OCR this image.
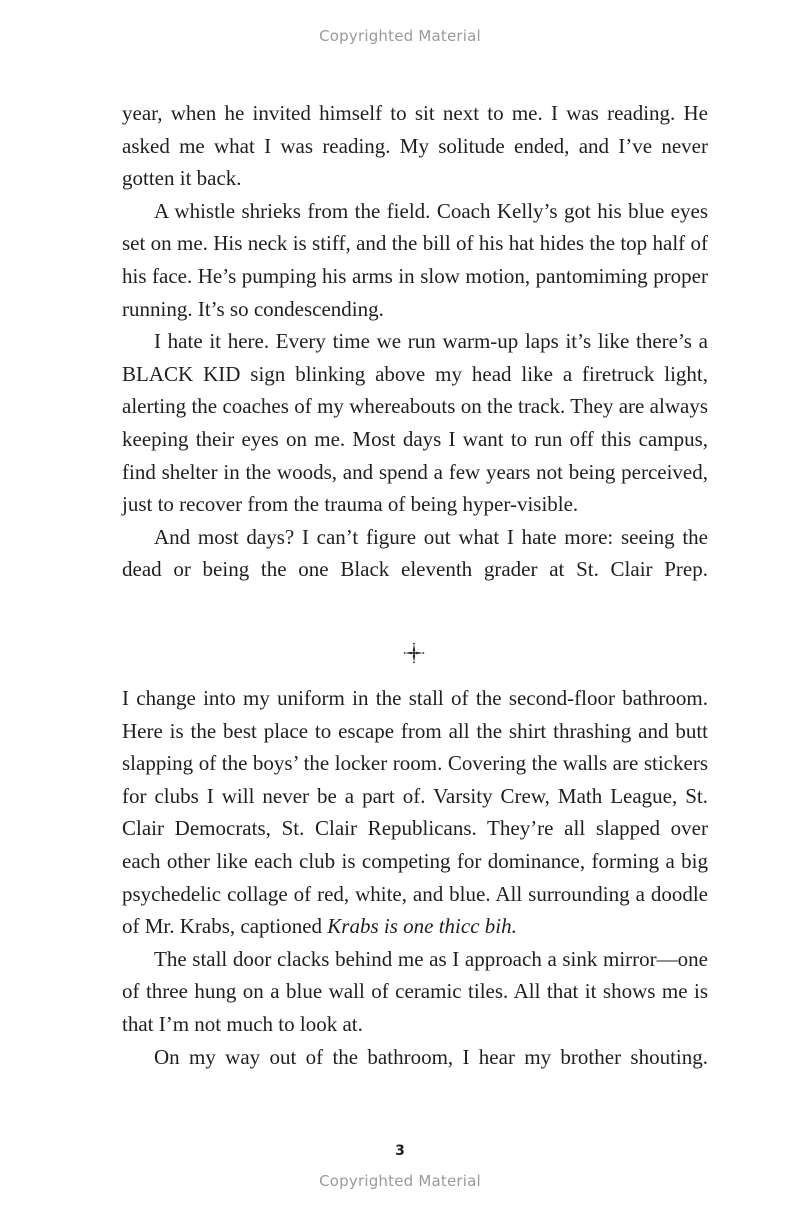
Copyrighted Material

year, when he invited himself to sit next to me. I was reading. He asked me what I was reading. My solitude ended, and I’ve never gotten it back.

A whistle shrieks from the field. Coach Kelly’s got his blue eyes set on me. His neck is stiff, and the bill of his hat hides the top half of his face. He’s pumping his arms in slow motion, pantomiming proper running. It’s so condescending.

I hate it here. Every time we run warm-up laps it’s like there’s a BLACK KID sign blinking above my head like a firetruck light, alerting the coaches of my whereabouts on the track. They are always keeping their eyes on me. Most days I want to run off this campus, find shelter in the woods, and spend a few years not being perceived, just to recover from the trauma of being hyper-visible.

And most days? I can’t figure out what I hate more: seeing the dead or being the one Black eleventh grader at St. Clair Prep.

I change into my uniform in the stall of the second-floor bathroom. Here is the best place to escape from all the shirt thrashing and butt slapping of the boys’ the locker room. Covering the walls are stickers for clubs I will never be a part of. Varsity Crew, Math League, St. Clair Democrats, St. Clair Republicans. They’re all slapped over each other like each club is competing for dominance, forming a big psychedelic collage of red, white, and blue. All surrounding a doodle of Mr. Krabs, captioned Krabs is one thicc bih.

The stall door clacks behind me as I approach a sink mirror—one of three hung on a blue wall of ceramic tiles. All that it shows me is that I’m not much to look at.

On my way out of the bathroom, I hear my brother shouting.

3
Copyrighted Material
